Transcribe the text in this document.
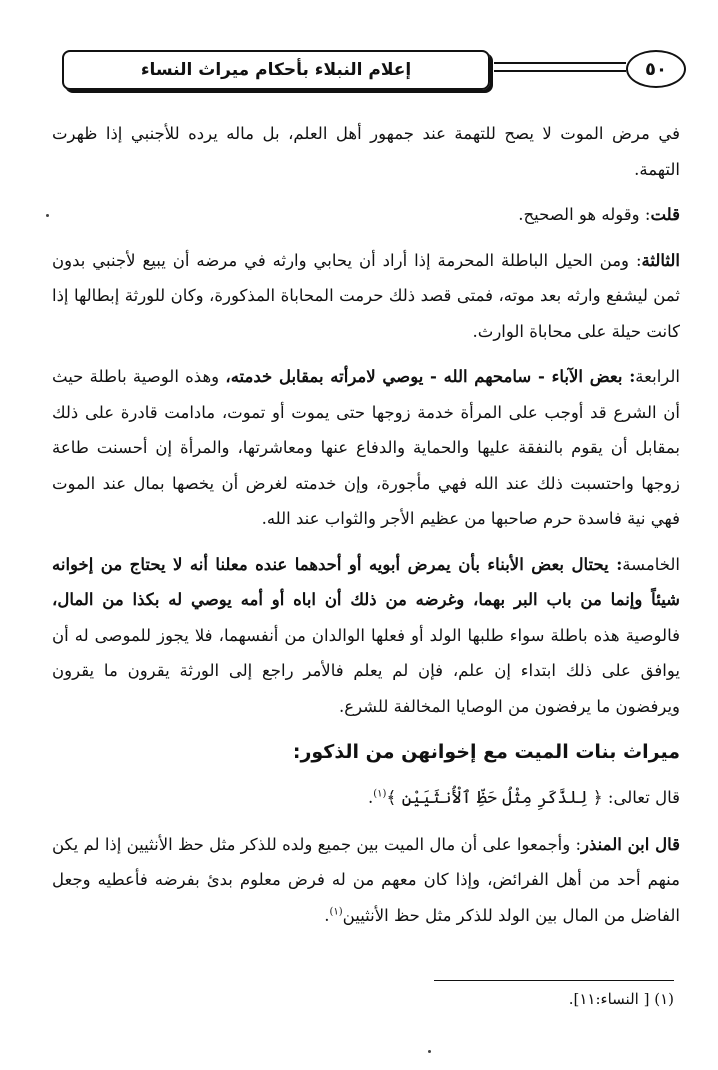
إعلام النبلاء بأحكام ميراث النساء	٥٠

في مرض الموت لا يصح للتهمة عند جمهور أهل العلم، بل ماله يرده للأجنبي إذا ظهرت التهمة.

قلت: وقوله هو الصحيح.

الثالثة: ومن الحيل الباطلة المحرمة إذا أراد أن يحابي وارثه في مرضه أن يبيع لأجنبي بدون ثمن ليشفع وارثه بعد موته، فمتى قصد ذلك حرمت المحاباة المذكورة، وكان للورثة إبطالها إذا كانت حيلة على محاباة الوارث.

الرابعة: بعض الآباء - سامحهم الله - يوصي لامرأته بمقابل خدمته، وهذه الوصية باطلة حيث أن الشرع قد أوجب على المرأة خدمة زوجها حتى يموت أو تموت، مادامت قادرة على ذلك بمقابل أن يقوم بالنفقة عليها والحماية والدفاع عنها ومعاشرتها، والمرأة إن أحسنت طاعة زوجها واحتسبت ذلك عند الله فهي مأجورة، وإن خدمته لغرض أن يخصها بمال عند الموت فهي نية فاسدة حرم صاحبها من عظيم الأجر والثواب عند الله.

الخامسة: يحتال بعض الأبناء بأن يمرض أبويه أو أحدهما عنده معلنا أنه لا يحتاج من إخوانه شيئاً وإنما من باب البر بهما، وغرضه من ذلك أن اباه أو أمه يوصي له بكذا من المال، فالوصية هذه باطلة سواء طلبها الولد أو فعلها الوالدان من أنفسهما، فلا يجوز للموصى له أن يوافق على ذلك ابتداء إن علم، فإن لم يعلم فالأمر راجع إلى الورثة يقرون ما يقرون ويرفضون ما يرفضون من الوصايا المخالفة للشرع.

ميراث بنات الميت مع إخوانهن من الذكور:

قال تعالى: ﴿ لِلذَّكَرِ مِثْلُ حَظِّ ٱلْأُنثَيَيْنِ ﴾$^{(١)}$.

قال ابن المنذر: وأجمعوا على أن مال الميت بين جميع ولده للذكر مثل حظ الأنثيين إذا لم يكن منهم أحد من أهل الفرائض، وإذا كان معهم من له فرض معلوم بدئ بفرضه فأعطيه وجعل الفاضل من المال بين الولد للذكر مثل حظ الأنثيين$^{(١)}$.

(١) [ النساء:١١].
